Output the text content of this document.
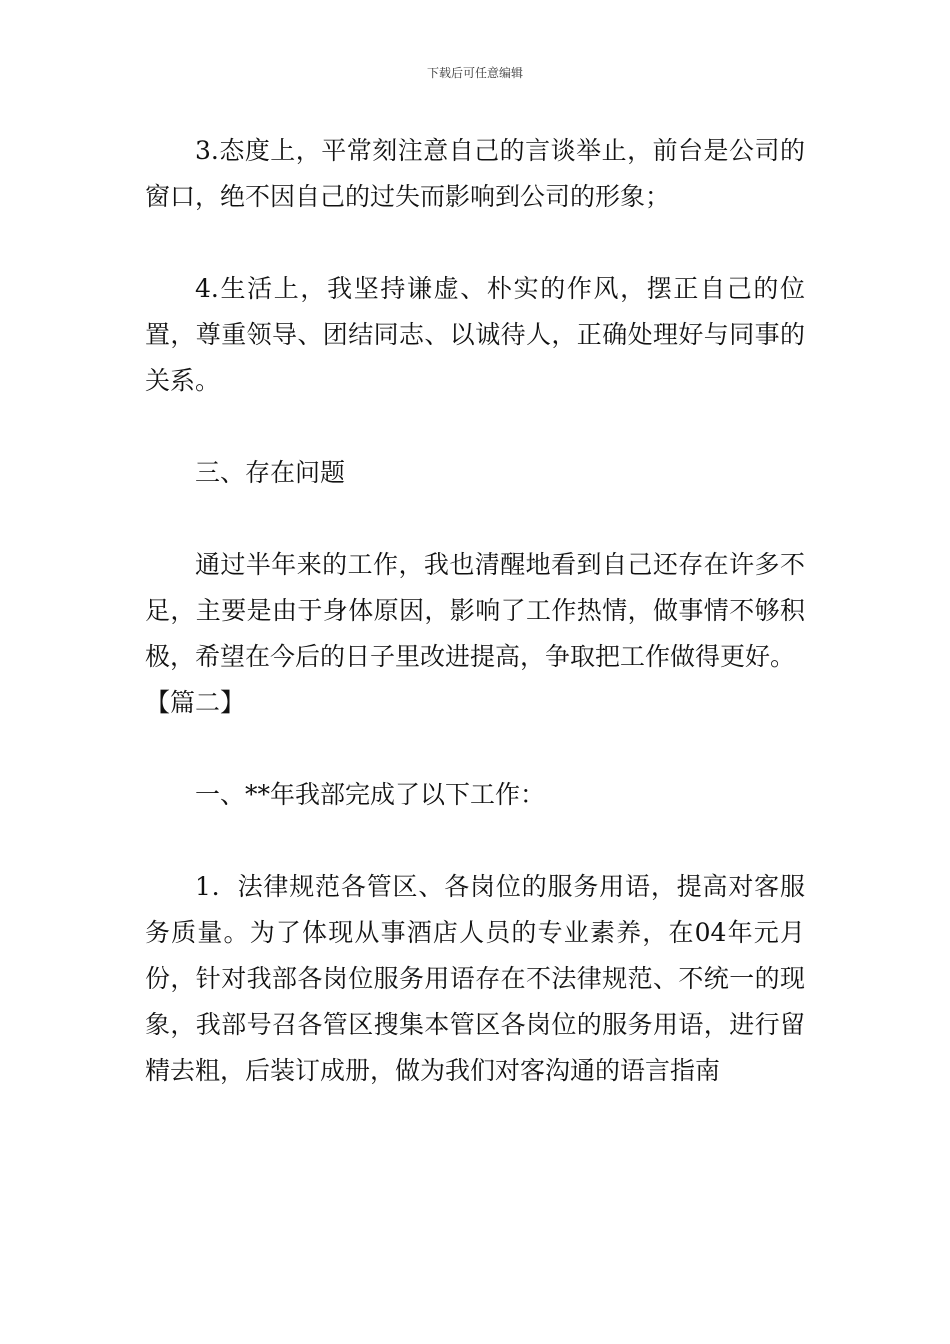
下载后可任意编辑

3.态度上，平常刻注意自己的言谈举止，前台是公司的窗口，绝不因自己的过失而影响到公司的形象；

4.生活上，我坚持谦虚、朴实的作风，摆正自己的位置，尊重领导、团结同志、以诚待人，正确处理好与同事的关系。

三、存在问题

通过半年来的工作，我也清醒地看到自己还存在许多不足，主要是由于身体原因，影响了工作热情，做事情不够积极，希望在今后的日子里改进提高，争取把工作做得更好。

【篇二】

一、**年我部完成了以下工作：

1．法律规范各管区、各岗位的服务用语，提高对客服务质量。为了体现从事酒店人员的专业素养，在04年元月份，针对我部各岗位服务用语存在不法律规范、不统一的现象，我部号召各管区搜集本管区各岗位的服务用语，进行留精去粗，后装订成册，做为我们对客沟通的语言指南
